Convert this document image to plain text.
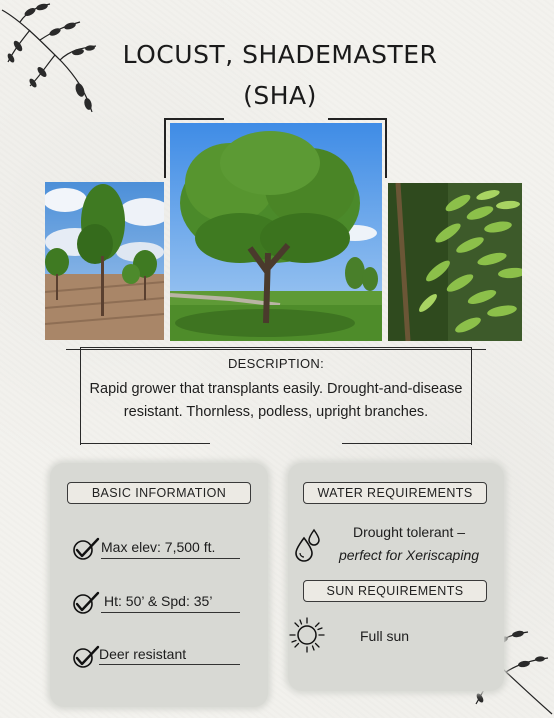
LOCUST, SHADEMASTER
(SHA)
DESCRIPTION:
Rapid grower that transplants easily. Drought-and-disease resistant. Thornless, podless, upright branches.
BASIC INFORMATION
Max elev: 7,500 ft.
Ht: 50’ & Spd: 35’
Deer resistant
WATER REQUIREMENTS
Drought tolerant –
perfect for Xeriscaping
SUN REQUIREMENTS
Full sun
